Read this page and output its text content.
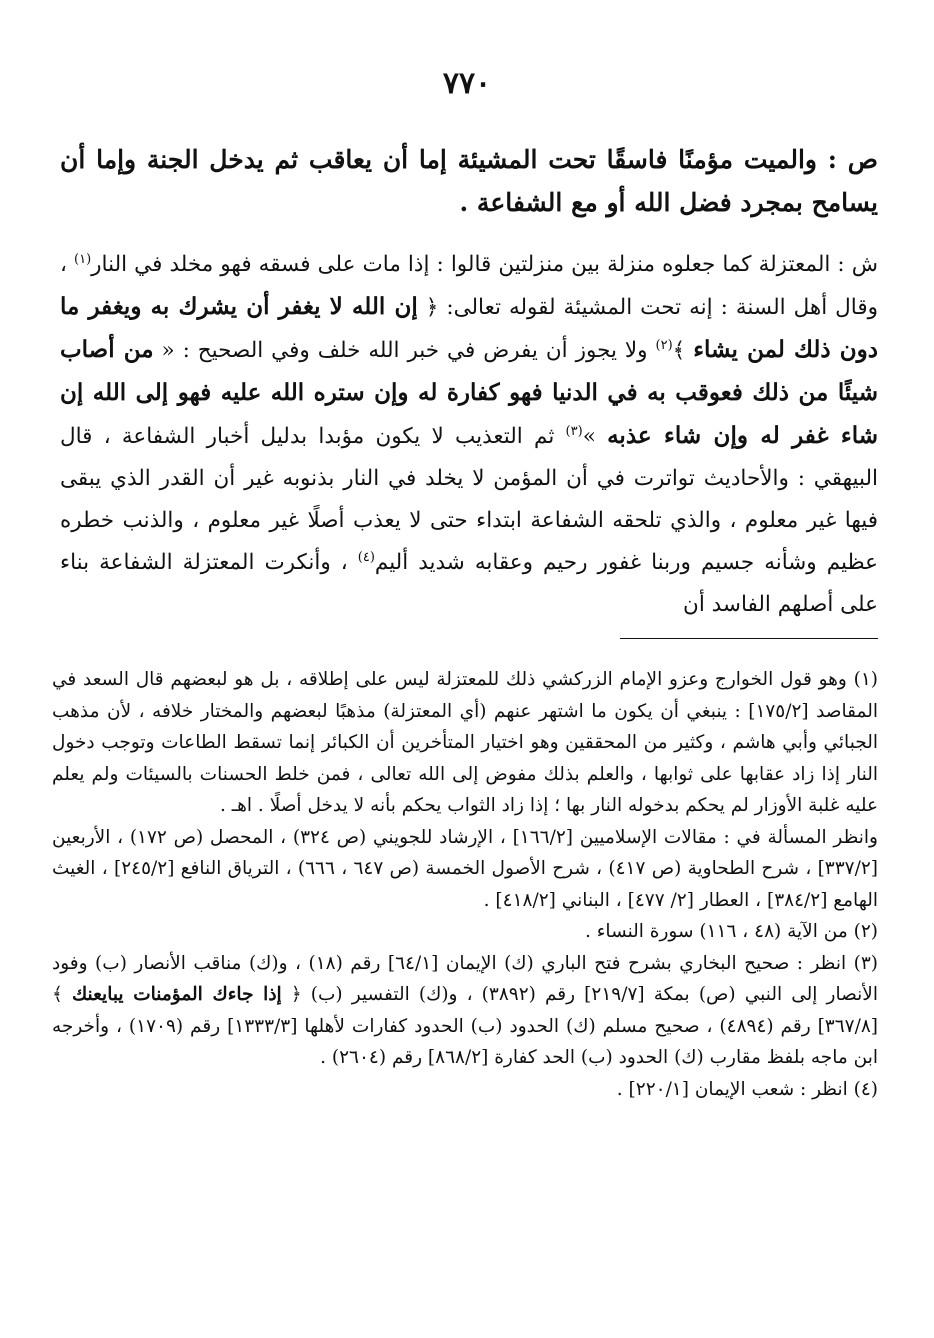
٧٧٠

ص : والميت مؤمنًا فاسقًا تحت المشيئة إما أن يعاقب ثم يدخل الجنة وإما أن يسامح بمجرد فضل الله أو مع الشفاعة .

ش : المعتزلة كما جعلوه منزلة بين منزلتين قالوا : إذا مات على فسقه فهو مخلد في النار$^{(١)}$ ، وقال أهل السنة : إنه تحت المشيئة لقوله تعالى: ﴿ إن الله لا يغفر أن يشرك به ويغفر ما دون ذلك لمن يشاء ﴾$^{(٢)}$ ولا يجوز أن يفرض في خبر الله خلف وفي الصحيح : « من أصاب شيئًا من ذلك فعوقب به في الدنيا فهو كفارة له وإن ستره الله عليه فهو إلى الله إن شاء غفر له وإن شاء عذبه »$^{(٣)}$ ثم التعذيب لا يكون مؤبدا بدليل أخبار الشفاعة ، قال البيهقي : والأحاديث تواترت في أن المؤمن لا يخلد في النار بذنوبه غير أن القدر الذي يبقى فيها غير معلوم ، والذي تلحقه الشفاعة ابتداء حتى لا يعذب أصلًا غير معلوم ، والذنب خطره عظيم وشأنه جسيم وربنا غفور رحيم وعقابه شديد أليم$^{(٤)}$ ، وأنكرت المعتزلة الشفاعة بناء على أصلهم الفاسد أن

(١) وهو قول الخوارج وعزو الإمام الزركشي ذلك للمعتزلة ليس على إطلاقه ، بل هو لبعضهم قال السعد في المقاصد [١٧٥/٢] : ينبغي أن يكون ما اشتهر عنهم (أي المعتزلة) مذهبًا لبعضهم والمختار خلافه ، لأن مذهب الجبائي وأبي هاشم ، وكثير من المحققين وهو اختيار المتأخرين أن الكبائر إنما تسقط الطاعات وتوجب دخول النار إذا زاد عقابها على ثوابها ، والعلم بذلك مفوض إلى الله تعالى ، فمن خلط الحسنات بالسيئات ولم يعلم عليه غلبة الأوزار لم يحكم بدخوله النار بها ؛ إذا زاد الثواب يحكم بأنه لا يدخل أصلًا . اهـ .

وانظر المسألة في : مقالات الإسلاميين [١٦٦/٢] ، الإرشاد للجويني (ص ٣٢٤) ، المحصل (ص ١٧٢) ، الأربعين [٣٣٧/٢] ، شرح الطحاوية (ص ٤١٧) ، شرح الأصول الخمسة (ص ٦٤٧ ، ٦٦٦) ، الترياق النافع [٢٤٥/٢] ، الغيث الهامع [٣٨٤/٢] ، العطار [٢/ ٤٧٧] ، البناني [٤١٨/٢] .

(٢) من الآية (٤٨ ، ١١٦) سورة النساء .

(٣) انظر : صحيح البخاري بشرح فتح الباري (ك) الإيمان [٦٤/١] رقم (١٨) ، و(ك) مناقب الأنصار (ب) وفود الأنصار إلى النبي (ص) بمكة [٢١٩/٧] رقم (٣٨٩٢) ، و(ك) التفسير (ب) ﴿ إذا جاءك المؤمنات يبايعنك ﴾ [٣٦٧/٨] رقم (٤٨٩٤) ، صحيح مسلم (ك) الحدود (ب) الحدود كفارات لأهلها [١٣٣٣/٣] رقم (١٧٠٩) ، وأخرجه ابن ماجه بلفظ مقارب (ك) الحدود (ب) الحد كفارة [٨٦٨/٢] رقم (٢٦٠٤) .

(٤) انظر : شعب الإيمان [٢٢٠/١] .
